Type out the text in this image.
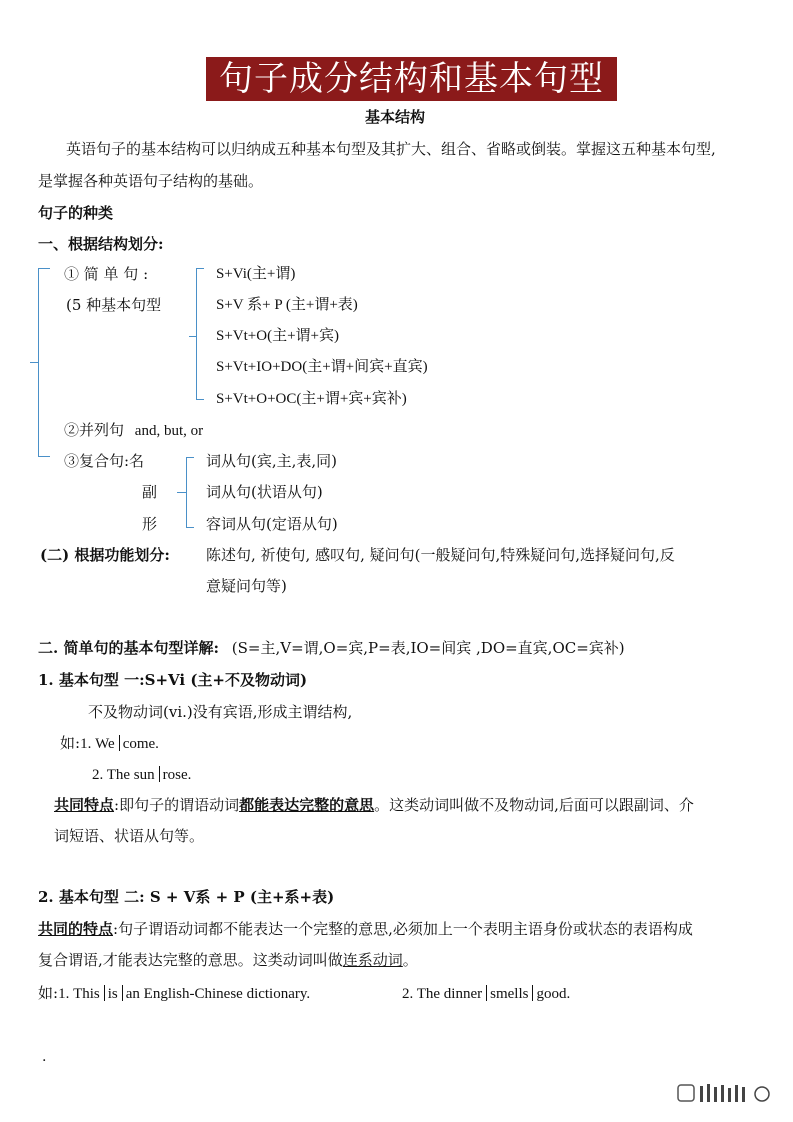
句子成分结构和基本句型
基本结构
英语句子的基本结构可以归纳成五种基本句型及其扩大、组合、省略或倒装。掌握这五种基本句型,
是掌握各种英语句子结构的基础。
句子的种类
一、根据结构划分:
① 简 单 句 :
(5 种基本句型
S+Vi(主+谓)
S+V 系+ P (主+谓+表)
S+Vt+O(主+谓+宾)
S+Vt+IO+DO(主+谓+间宾+直宾)
S+Vt+O+OC(主+谓+宾+宾补)
②并列句 and, but, or
③复合句:名	词从句(宾,主,表,同)
副	词从句(状语从句)
形	容词从句(定语从句)
(二) 根据功能划分: 陈述句, 祈使句, 感叹句, 疑问句(一般疑问句,特殊疑问句,选择疑问句,反
意疑问句等)
二. 简单句的基本句型详解: (S=主,V=谓,O=宾,P=表,IO=间宾 ,DO=直宾,OC=宾补)
1. 基本句型 一:S+Vi (主+不及物动词)
不及物动词(vi.)没有宾语,形成主谓结构,
如:1. We come.
2. The sun rose.
共同特点:即句子的谓语动词都能表达完整的意思。这类动词叫做不及物动词,后面可以跟副词、介
词短语、状语从句等。
2. 基本句型 二: S + V系 + P (主+系+表)
共同的特点:句子谓语动词都不能表达一个完整的意思,必须加上一个表明主语身份或状态的表语构成
复合谓语,才能表达完整的意思。这类动词叫做连系动词。
如:1. This is an English-Chinese dictionary.	2. The dinner smells good.
.
